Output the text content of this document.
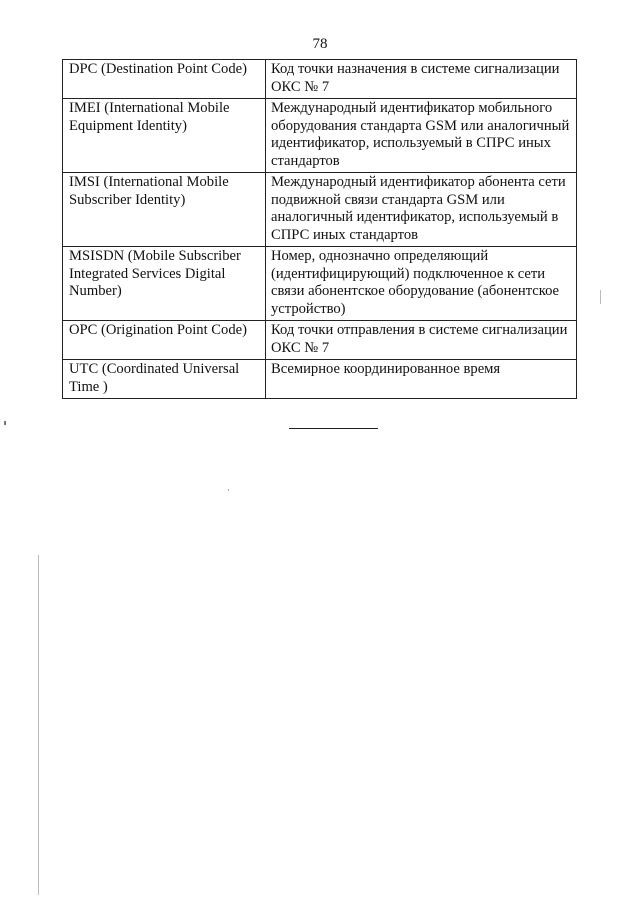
78
DPC (Destination Point Code)	Код точки назначения в системе сигнализации ОКС № 7
IMEI (International Mobile Equipment Identity)	Международный идентификатор мобильного оборудования стандарта GSM или аналогичный идентификатор, используемый в СПРС иных стандартов
IMSI (International Mobile Subscriber Identity)	Международный идентификатор абонента сети подвижной связи стандарта GSM или аналогичный идентификатор, используемый в СПРС иных стандартов
MSISDN (Mobile Subscriber Integrated Services Digital Number)	Номер, однозначно определяющий (идентифицирующий) подключенное к сети связи абонентское оборудование (абонентское устройство)
OPC (Origination Point Code)	Код точки отправления в системе сигнализации ОКС № 7
UTC (Coordinated Universal Time )	Всемирное координированное время
